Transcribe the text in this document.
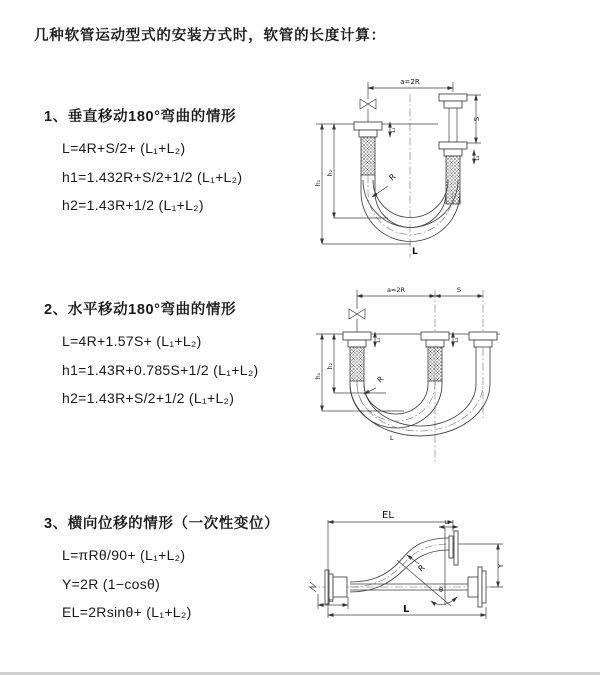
几种软管运动型式的安装方式时，软管的长度计算：
1、垂直移动180°弯曲的情形
L=4R+S/2+ (L₁+L₂)
h1=1.432R+S/2+1/2 (L₁+L₂)
h2=1.43R+1/2 (L₁+L₂)
2、水平移动180°弯曲的情形
L=4R+1.57S+ (L₁+L₂)
h1=1.43R+0.785S+1/2 (L₁+L₂)
h2=1.43R+S/2+1/2 (L₁+L₂)
3、横向位移的情形（一次性变位）
L=πRθ/90+ (L₁+L₂)
Y=2R (1−cosθ)
EL=2Rsinθ+ (L₁+L₂)
a=2R
S
h₁
h₂
L₁
L₂
R
L
a=2R	S
h₁
h₂
L₁	L₂
R
L
EL
L₂
Y
θ
R
L₁
L
